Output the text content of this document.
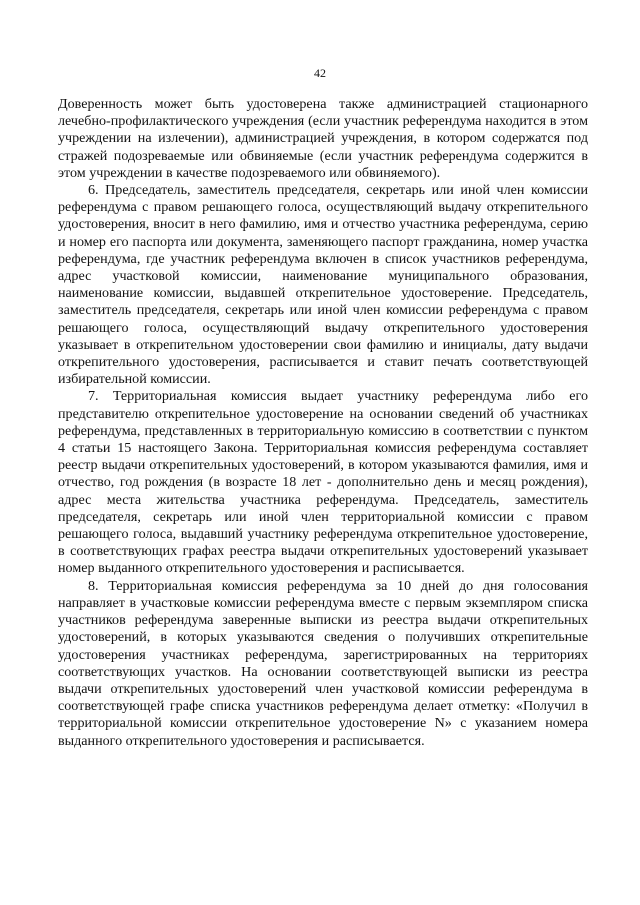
42

Доверенность может быть удостоверена также администрацией стационарного лечебно-профилактического учреждения (если участник референдума находится в этом учреждении на излечении), администрацией учреждения, в котором содержатся под стражей подозреваемые или обвиняемые (если участник референдума содержится в этом учреждении в качестве подозреваемого или обвиняемого).

6. Председатель, заместитель председателя, секретарь или иной член комиссии референдума с правом решающего голоса, осуществляющий выдачу открепительного удостоверения, вносит в него фамилию, имя и отчество участника референдума, серию и номер его паспорта или документа, заменяющего паспорт гражданина, номер участка референдума, где участник референдума включен в список участников референдума, адрес участковой комиссии, наименование муниципального образования, наименование комиссии, выдавшей открепительное удостоверение. Председатель, заместитель председателя, секретарь или иной член комиссии референдума с правом решающего голоса, осуществляющий выдачу открепительного удостоверения указывает в открепительном удостоверении свои фамилию и инициалы, дату выдачи открепительного удостоверения, расписывается и ставит печать соответствующей избирательной комиссии.

7. Территориальная комиссия выдает участнику референдума либо его представителю открепительное удостоверение на основании сведений об участниках референдума, представленных в территориальную комиссию в соответствии с пунктом 4 статьи 15 настоящего Закона. Территориальная комиссия референдума составляет реестр выдачи открепительных удостоверений, в котором указываются фамилия, имя и отчество, год рождения (в возрасте 18 лет - дополнительно день и месяц рождения), адрес места жительства участника референдума. Председатель, заместитель председателя, секретарь или иной член территориальной комиссии с правом решающего голоса, выдавший участнику референдума открепительное удостоверение, в соответствующих графах реестра выдачи открепительных удостоверений указывает номер выданного открепительного удостоверения и расписывается.

8. Территориальная комиссия референдума за 10 дней до дня голосования направляет в участковые комиссии референдума вместе с первым экземпляром списка участников референдума заверенные выписки из реестра выдачи открепительных удостоверений, в которых указываются сведения о получивших открепительные удостоверения участниках референдума, зарегистрированных на территориях соответствующих участков. На основании соответствующей выписки из реестра выдачи открепительных удостоверений член участковой комиссии референдума в соответствующей графе списка участников референдума делает отметку: «Получил в территориальной комиссии открепительное удостоверение N» с указанием номера выданного открепительного удостоверения и расписывается.
